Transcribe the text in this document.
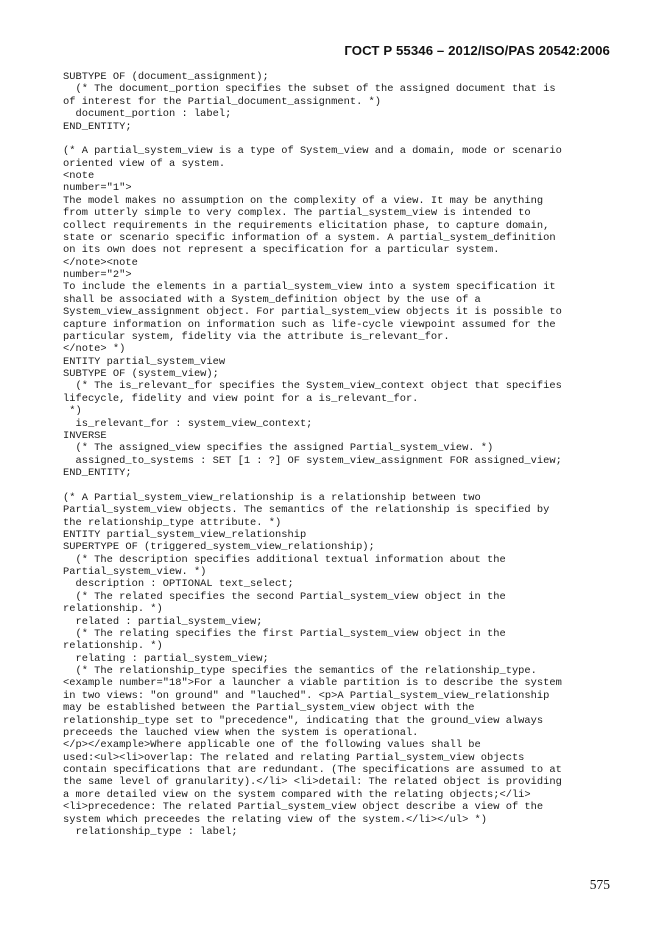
ГОСТ Р 55346 – 2012/ISO/PAS 20542:2006
SUBTYPE OF (document_assignment);
(* The document_portion specifies the subset of the assigned document that is
of interest for the Partial_document_assignment. *)
document_portion : label;
END_ENTITY;
(* A partial_system_view is a type of System_view and a domain, mode or scenario
oriented view of a system.
<note
number="1">
The model makes no assumption on the complexity of a view. It may be anything
from utterly simple to very complex. The partial_system_view is intended to
collect requirements in the requirements elicitation phase, to capture domain,
state or scenario specific information of a system. A partial_system_definition
on its own does not represent a specification for a particular system.
</note><note
number="2">
To include the elements in a partial_system_view into a system specification it
shall be associated with a System_definition object by the use of a
System_view_assignment object. For partial_system_view objects it is possible to
capture information on information such as life-cycle viewpoint assumed for the
particular system, fidelity via the attribute is_relevant_for.
</note> *)
ENTITY partial_system_view
SUBTYPE OF (system_view);
(* The is_relevant_for specifies the System_view_context object that specifies
lifecycle, fidelity and view point for a is_relevant_for.
*)
is_relevant_for : system_view_context;
INVERSE
(* The assigned_view specifies the assigned Partial_system_view. *)
assigned_to_systems : SET [1 : ?] OF system_view_assignment FOR assigned_view;
END_ENTITY;
(* A Partial_system_view_relationship is a relationship between two
Partial_system_view objects. The semantics of the relationship is specified by
the relationship_type attribute. *)
ENTITY partial_system_view_relationship
SUPERTYPE OF (triggered_system_view_relationship);
(* The description specifies additional textual information about the
Partial_system_view. *)
description : OPTIONAL text_select;
(* The related specifies the second Partial_system_view object in the
relationship. *)
related : partial_system_view;
(* The relating specifies the first Partial_system_view object in the
relationship. *)
relating : partial_system_view;
(* The relationship_type specifies the semantics of the relationship_type.
<example number="18">For a launcher a viable partition is to describe the system
in two views: "on ground" and "lauched". <p>A Partial_system_view_relationship
may be established between the Partial_system_view object with the
relationship_type set to "precedence", indicating that the ground_view always
preceeds the lauched view when the system is operational.
</p></example>Where applicable one of the following values shall be
used:<ul><li>overlap: The related and relating Partial_system_view objects
contain specifications that are redundant. (The specifications are assumed to at
the same level of granularity).</li> <li>detail: The related object is providing
a more detailed view on the system compared with the relating objects;</li>
<li>precedence: The related Partial_system_view object describe a view of the
system which preceedes the relating view of the system.</li></ul> *)
relationship_type : label;
575
